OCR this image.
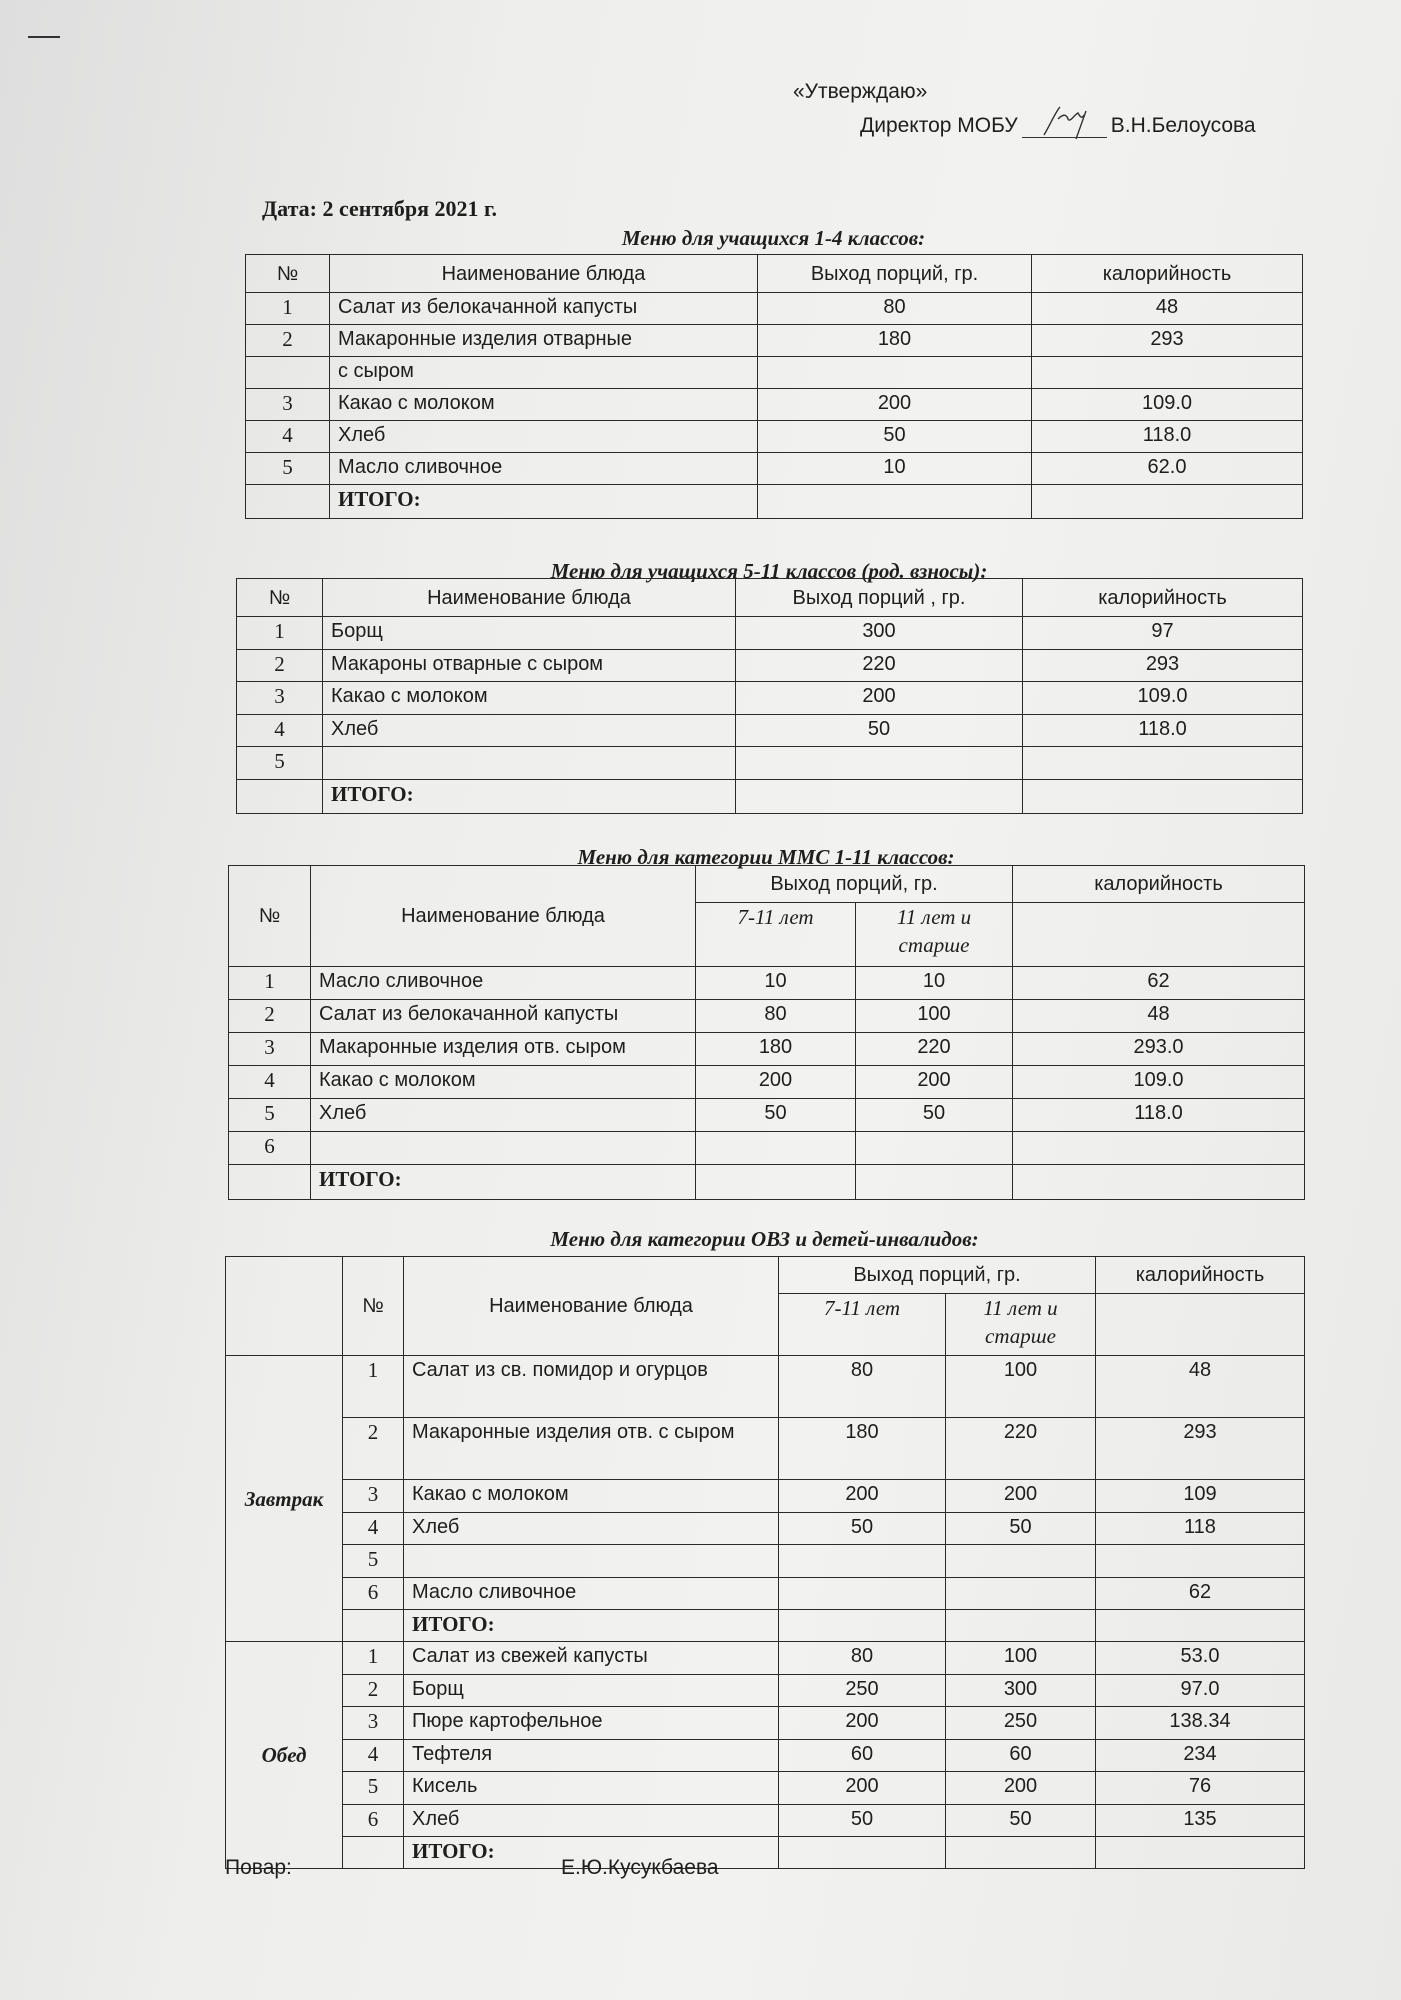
«Утверждаю»
Директор МОБУ	В.Н.Белоусова
Дата: 2 сентября 2021 г.
Меню для учащихся 1-4 классов:
№	Наименование блюда	Выход порций, гр.	калорийность
1	Салат из белокачанной капусты	80	48
2	Макаронные изделия отварные	180	293
	с сыром		
3	Какао с молоком	200	109.0
4	Хлеб	50	118.0
5	Масло сливочное	10	62.0
	ИТОГО:		
Меню для учащихся 5-11 классов (род. взносы):
№	Наименование блюда	Выход порций , гр.	калорийность
1	Борщ	300	97
2	Макароны отварные с сыром	220	293
3	Какао с молоком	200	109.0
4	Хлеб	50	118.0
5			
	ИТОГО:		
Меню для категории ММС 1-11 классов:
№	Наименование блюда	Выход порций, гр.		калорийность
		7-11 лет	11 лет и старше	
1	Масло сливочное	10	10	62
2	Салат из белокачанной капусты	80	100	48
3	Макаронные изделия отв. сыром	180	220	293.0
4	Какао с молоком	200	200	109.0
5	Хлеб	50	50	118.0
6				
	ИТОГО:			
Меню для категории ОВЗ и детей-инвалидов:
	№	Наименование блюда	Выход порций, гр.		калорийность
			7-11 лет	11 лет и старше	
Завтрак	1	Салат из св. помидор и огурцов	80	100	48
	2	Макаронные изделия отв. с сыром	180	220	293
	3	Какао с молоком	200	200	109
	4	Хлеб	50	50	118
	5				
	6	Масло сливочное			62
		ИТОГО:			
Обед	1	Салат из свежей капусты	80	100	53.0
	2	Борщ	250	300	97.0
	3	Пюре картофельное	200	250	138.34
	4	Тефтеля	60	60	234
	5	Кисель	200	200	76
	6	Хлеб	50	50	135
		ИТОГО:			
Повар:	Е.Ю.Кусукбаева
